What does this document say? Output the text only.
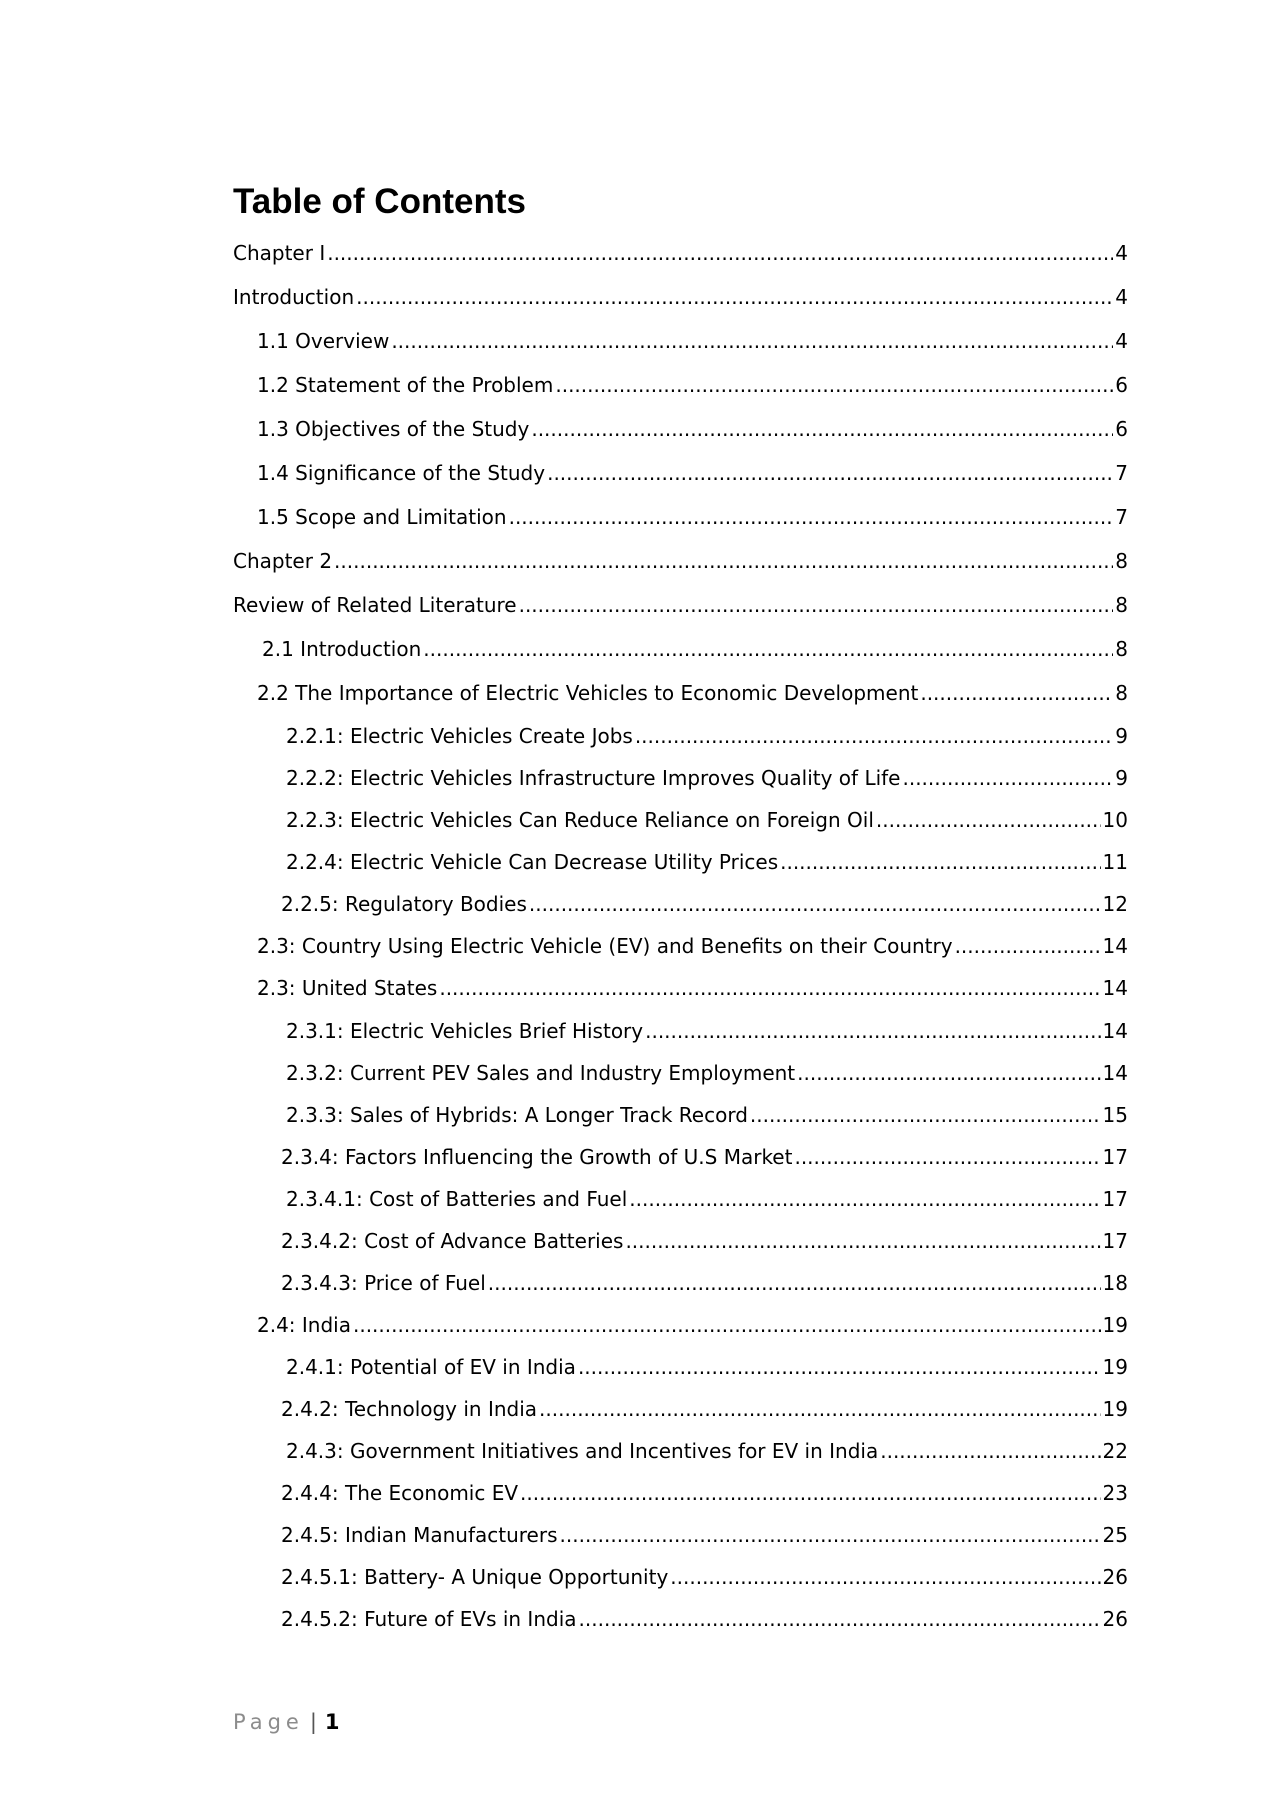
Table of Contents
Chapter I .....	4
Introduction .....	4
1.1 Overview .....	4
1.2 Statement of the Problem .....	6
1.3 Objectives of the Study .....	6
1.4 Significance of the Study .....	7
1.5 Scope and Limitation .....	7
Chapter 2 .....	8
Review of Related Literature .....	8
2.1 Introduction .....	8
2.2 The Importance of Electric Vehicles to Economic Development .....	8
2.2.1: Electric Vehicles Create Jobs .....	9
2.2.2: Electric Vehicles Infrastructure Improves Quality of Life .....	9
2.2.3: Electric Vehicles Can Reduce Reliance on Foreign Oil .....	10
2.2.4: Electric Vehicle Can Decrease Utility Prices .....	11
2.2.5: Regulatory Bodies .....	12
2.3: Country Using Electric Vehicle (EV) and Benefits on their Country .....	14
2.3: United States .....	14
2.3.1: Electric Vehicles Brief History .....	14
2.3.2: Current PEV Sales and Industry Employment .....	14
2.3.3: Sales of Hybrids: A Longer Track Record .....	15
2.3.4: Factors Influencing the Growth of U.S Market .....	17
2.3.4.1: Cost of Batteries and Fuel .....	17
2.3.4.2: Cost of Advance Batteries .....	17
2.3.4.3: Price of Fuel .....	18
2.4: India .....	19
2.4.1: Potential of EV in India .....	19
2.4.2: Technology in India .....	19
2.4.3: Government Initiatives and Incentives for EV in India .....	22
2.4.4: The Economic EV .....	23
2.4.5: Indian Manufacturers .....	25
2.4.5.1: Battery- A Unique Opportunity .....	26
2.4.5.2: Future of EVs in India .....	26
Page | 1
